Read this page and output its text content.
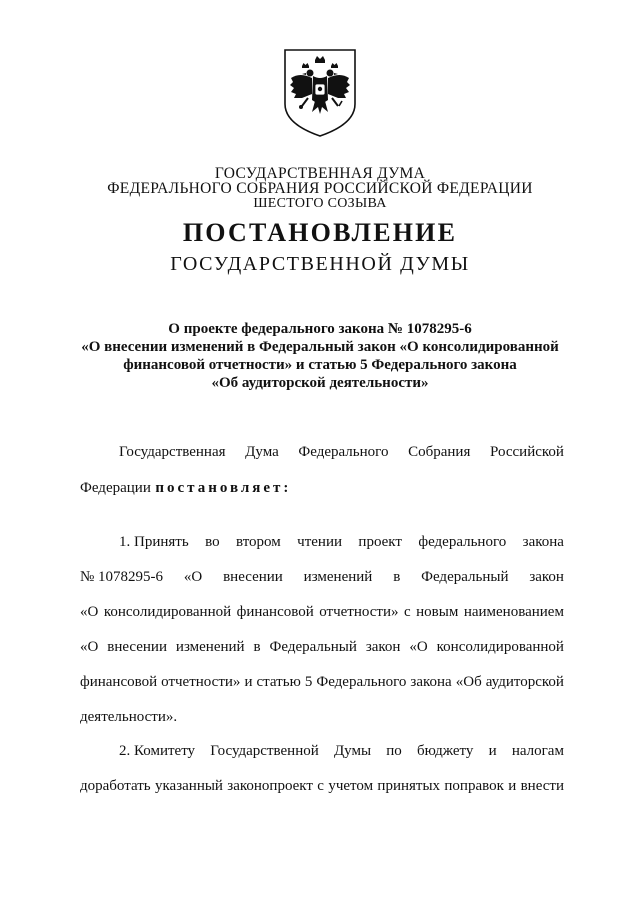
ГОСУДАРСТВЕННАЯ ДУМА
ФЕДЕРАЛЬНОГО СОБРАНИЯ РОССИЙСКОЙ ФЕДЕРАЦИИ
ШЕСТОГО СОЗЫВА
ПОСТАНОВЛЕНИЕ
ГОСУДАРСТВЕННОЙ ДУМЫ
О проекте федерального закона № 1078295-6
«О внесении изменений в Федеральный закон «О консолидированной
финансовой отчетности» и статью 5 Федерального закона
«Об аудиторской деятельности»
Государственная Дума Федерального Собрания Российской
Федерации постановляет:
1. Принять во втором чтении проект федерального закона
№ 1078295-6 «О внесении изменений в Федеральный закон
«О консолидированной финансовой отчетности» с новым наименованием
«О внесении изменений в Федеральный закон «О консолидированной
финансовой отчетности» и статью 5 Федерального закона «Об аудиторской
деятельности».
2. Комитету Государственной Думы по бюджету и налогам
доработать указанный законопроект с учетом принятых поправок и внести
